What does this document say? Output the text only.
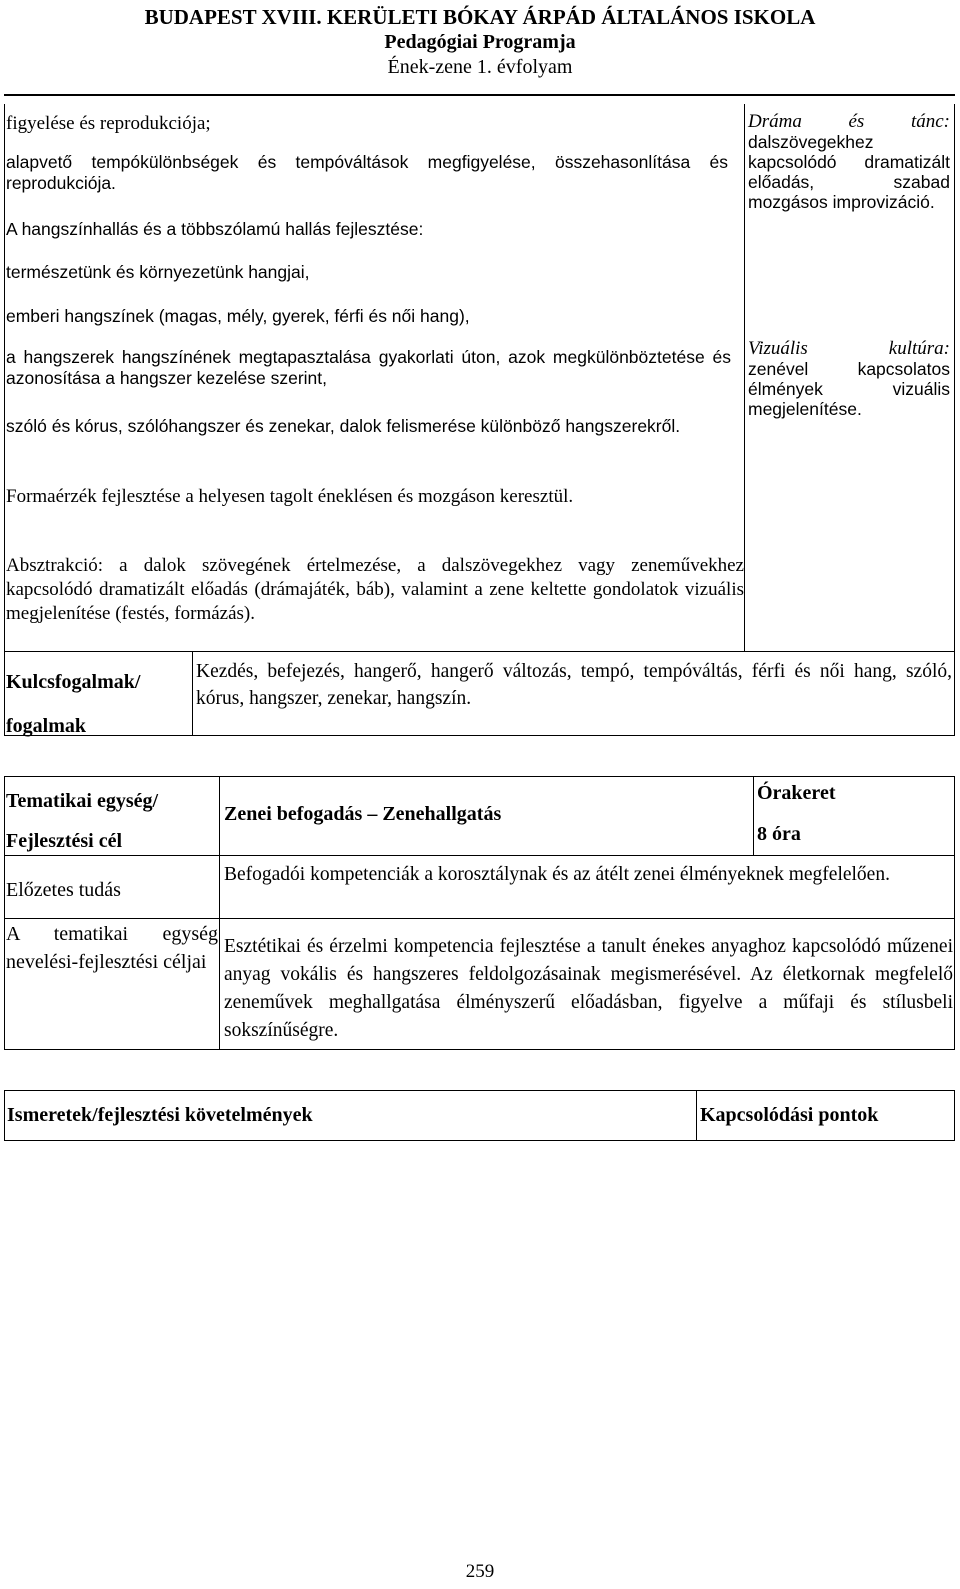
BUDAPEST XVIII. KERÜLETI BÓKAY ÁRPÁD ÁLTALÁNOS ISKOLA
Pedagógiai Programja
Ének-zene 1. évfolyam
figyelése és reprodukciója;
alapvető tempókülönbségek és tempóváltások megfigyelése, összehasonlítása és reprodukciója.
A hangszínhallás és a többszólamú hallás fejlesztése:
természetünk és környezetünk hangjai,
emberi hangszínek (magas, mély, gyerek, férfi és női hang),
a hangszerek hangszínének megtapasztalása gyakorlati úton, azok megkülönböztetése és azonosítása a hangszer kezelése szerint,
szóló és kórus, szólóhangszer és zenekar, dalok felismerése különböző hangszerekről.
Formaérzék fejlesztése a helyesen tagolt éneklésen és mozgáson keresztül.
Absztrakció: a dalok szövegének értelmezése, a dalszövegekhez vagy zeneművekhez kapcsolódó dramatizált előadás (drámajáték, báb), valamint a zene keltette gondolatok vizuális megjelenítése (festés, formázás).
Dráma és tánc:
dalszövegekhez kapcsolódó dramatizált előadás, szabad mozgásos improvizáció.
Vizuális kultúra:
zenével kapcsolatos élmények vizuális megjelenítése.
Kulcsfogalmak/ fogalmak
Kezdés, befejezés, hangerő, hangerő változás, tempó, tempóváltás, férfi és női hang, szóló, kórus, hangszer, zenekar, hangszín.
Tematikai egység/
Fejlesztési cél
Zenei befogadás – Zenehallgatás
Órakeret
8 óra
Előzetes tudás
Befogadói kompetenciák a korosztálynak és az átélt zenei élményeknek megfelelően.
A tematikai egység nevelési-fejlesztési céljai
Esztétikai és érzelmi kompetencia fejlesztése a tanult énekes anyaghoz kapcsolódó műzenei anyag vokális és hangszeres feldolgozásainak megismerésével. Az életkornak megfelelő zeneművek meghallgatása élményszerű előadásban, figyelve a műfaji és stílusbeli sokszínűségre.
Ismeretek/fejlesztési követelmények	Kapcsolódási pontok
259
